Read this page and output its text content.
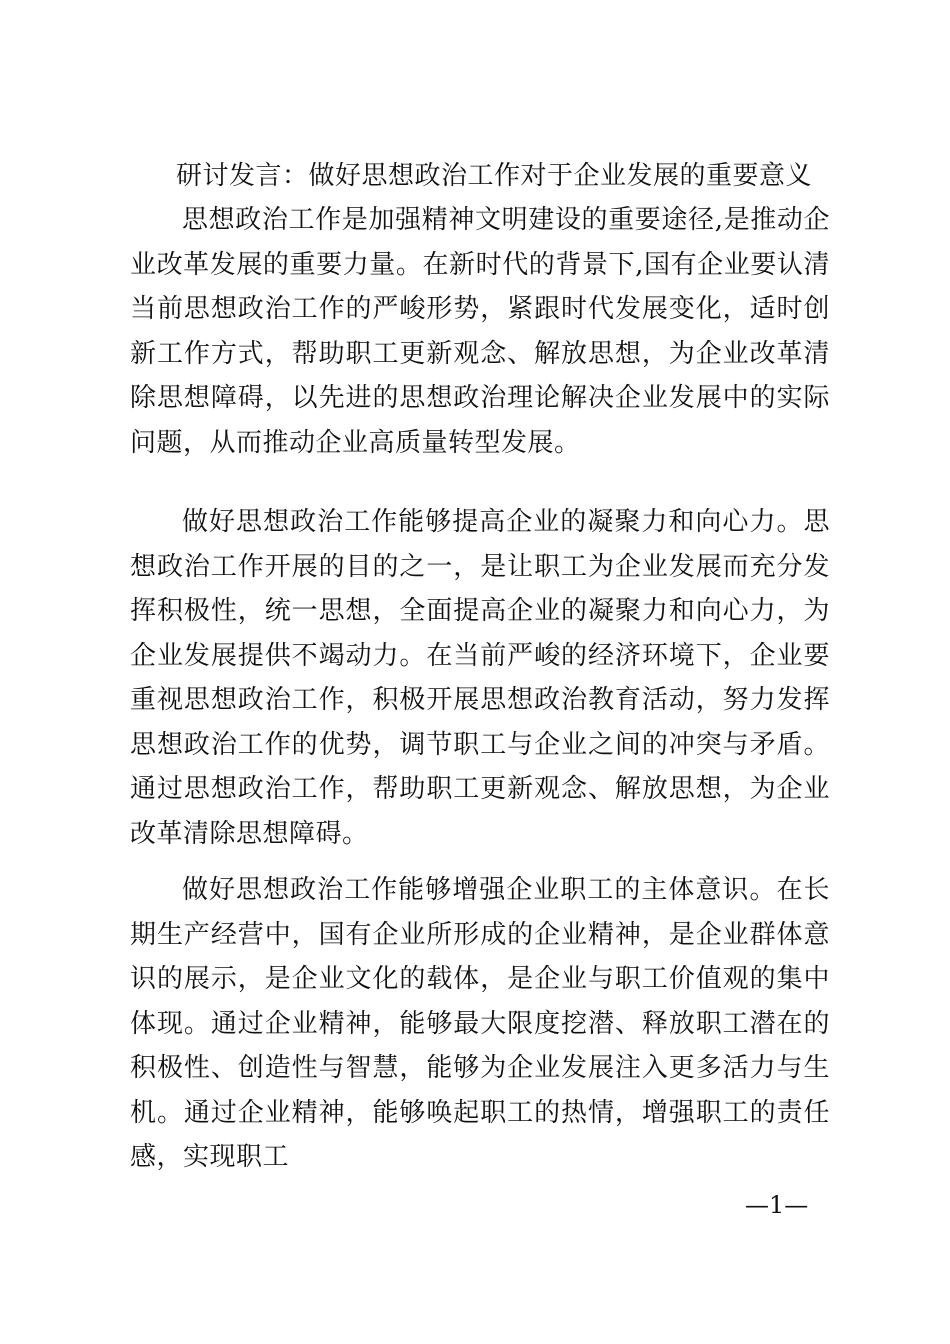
研讨发言：做好思想政治工作对于企业发展的重要意义

思想政治工作是加强精神文明建设的重要途径,是推动企业改革发展的重要力量。在新时代的背景下,国有企业要认清当前思想政治工作的严峻形势，紧跟时代发展变化，适时创新工作方式，帮助职工更新观念、解放思想，为企业改革清除思想障碍，以先进的思想政治理论解决企业发展中的实际问题，从而推动企业高质量转型发展。

做好思想政治工作能够提高企业的凝聚力和向心力。思想政治工作开展的目的之一，是让职工为企业发展而充分发挥积极性，统一思想，全面提高企业的凝聚力和向心力，为企业发展提供不竭动力。在当前严峻的经济环境下，企业要重视思想政治工作，积极开展思想政治教育活动，努力发挥思想政治工作的优势，调节职工与企业之间的冲突与矛盾。通过思想政治工作，帮助职工更新观念、解放思想，为企业改革清除思想障碍。

做好思想政治工作能够增强企业职工的主体意识。在长期生产经营中，国有企业所形成的企业精神，是企业群体意识的展示，是企业文化的载体，是企业与职工价值观的集中体现。通过企业精神，能够最大限度挖潜、释放职工潜在的积极性、创造性与智慧，能够为企业发展注入更多活力与生机。通过企业精神，能够唤起职工的热情，增强职工的责任感，实现职工

—1—
